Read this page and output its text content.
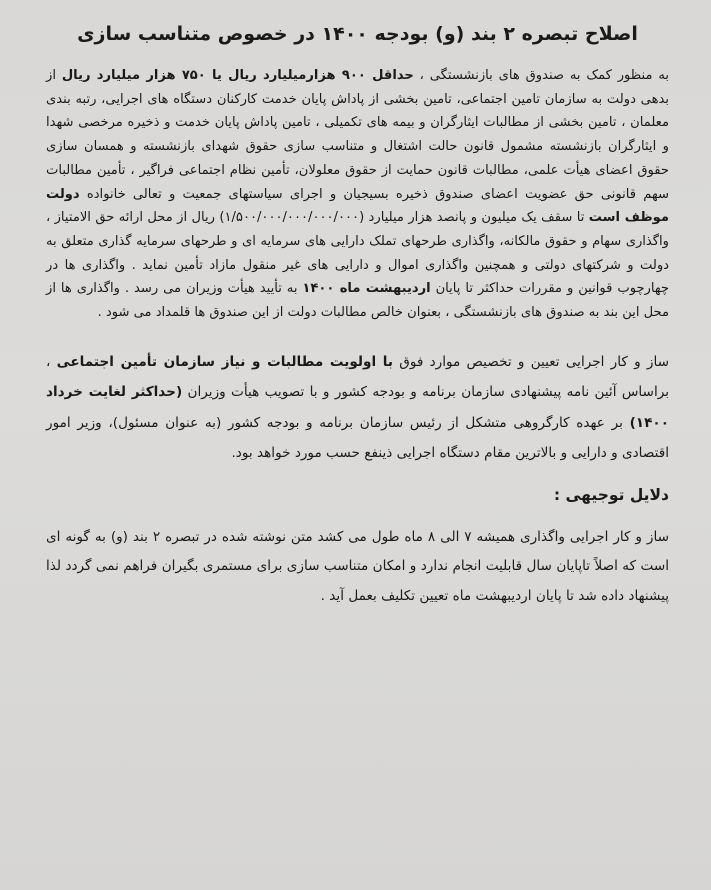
اصلاح تبصره ۲ بند (و) بودجه ۱۴۰۰ در خصوص متناسب سازی

به منظور کمک به صندوق های بازنشستگی ، حداقل ۹۰۰ هزارمیلیارد ریال یا ۷۵۰ هزار میلیارد ریال از بدهی دولت به سازمان تامین اجتماعی، تامین بخشی از پاداش پایان خدمت کارکنان دستگاه های اجرایی، رتبه بندی معلمان ، تامین بخشی از مطالبات ایثارگران و بیمه های تکمیلی ، تامین پاداش پایان خدمت و ذخیره مرخصی شهدا و ایثارگران بازنشسته مشمول قانون حالت اشتغال و متناسب سازی حقوق شهدای بازنشسته و همسان سازی حقوق اعضای هیأت علمی، مطالبات قانون حمایت از حقوق معلولان، تأمین نظام اجتماعی فراگیر ، تأمین مطالبات سهم قانونی حق عضویت اعضای صندوق ذخیره بسیجیان و اجرای سیاستهای جمعیت و تعالی خانواده دولت موظف است تا سقف یک میلیون و پانصد هزار میلیارد (۱/۵۰۰/۰۰۰/۰۰۰/۰۰۰/۰۰۰) ریال از محل ارائه حق الامتیاز ، واگذاری سهام و حقوق مالکانه، واگذاری طرحهای تملک دارایی های سرمایه ای و طرحهای سرمایه گذاری متعلق به دولت و شرکتهای دولتی و همچنین واگذاری اموال و دارایی های غیر منقول مازاد تأمین نماید . واگذاری ها در چهارچوب قوانین و مقررات حداکثر تا پایان اردیبهشت ماه ۱۴۰۰ به تأیید هیأت وزیران می رسد . واگذاری ها از محل این بند به صندوق های بازنشستگی ، بعنوان خالص مطالبات دولت از این صندوق ها قلمداد می شود .

ساز و کار اجرایی تعیین و تخصیص موارد فوق با اولویت مطالبات و نیاز سازمان تأمین اجتماعی ، براساس آئین نامه پیشنهادی سازمان برنامه و بودجه کشور و با تصویب هیأت وزیران (حداکثر لغایت خرداد ۱۴۰۰) بر عهده کارگروهی متشکل از رئیس سازمان برنامه و بودجه کشور (به عنوان مسئول)، وزیر امور اقتصادی و دارایی و بالاترین مقام دستگاه اجرایی ذینفع حسب مورد خواهد بود.

دلایل توجیهی :

ساز و کار اجرایی واگذاری همیشه ۷ الی ۸ ماه طول می کشد متن نوشته شده در تبصره ۲ بند (و) به گونه ای است که اصلاً تاپایان سال قابلیت انجام ندارد و امکان متناسب سازی برای مستمری بگیران فراهم نمی گردد لذا پیشنهاد داده شد تا پایان اردیبهشت ماه تعیین تکلیف بعمل آید .
